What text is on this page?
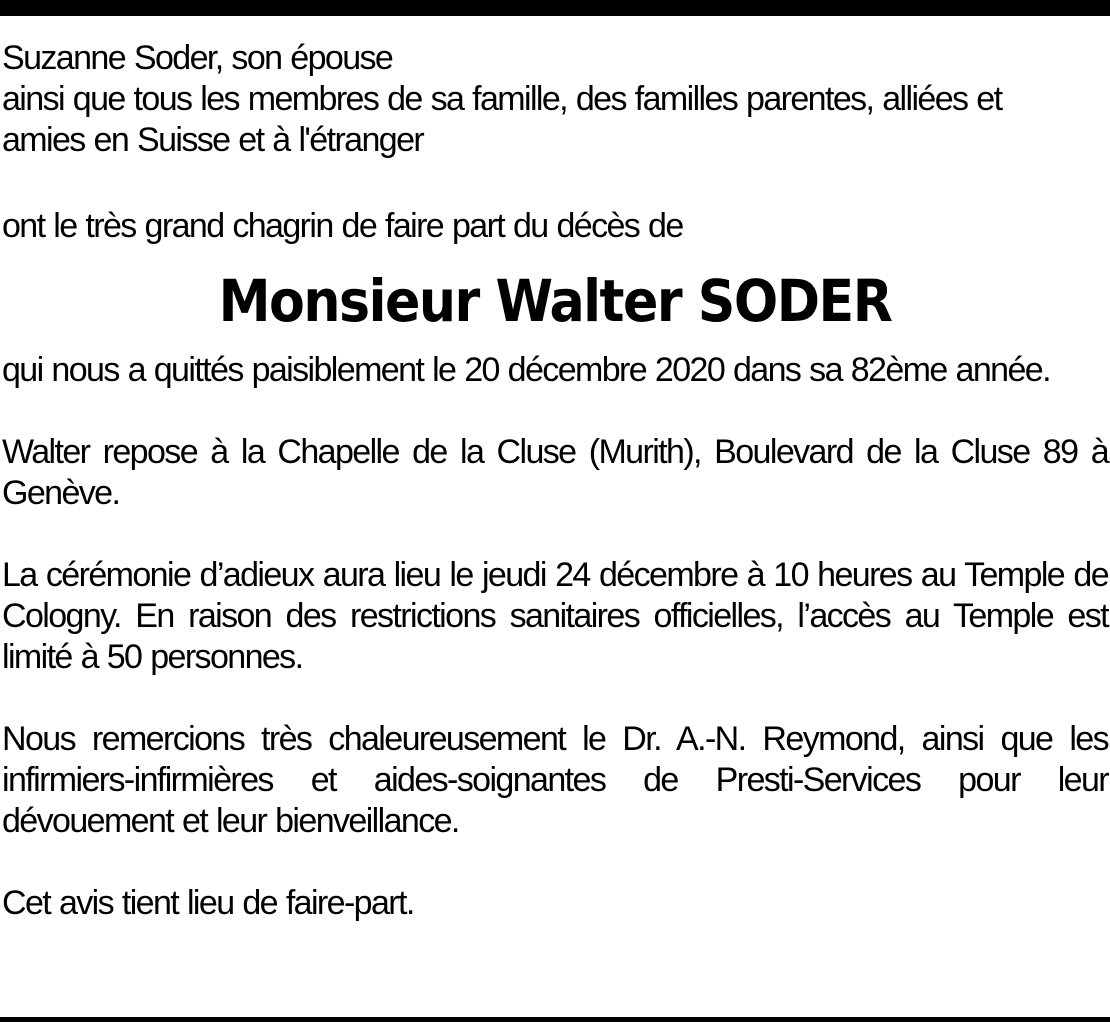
Suzanne Soder, son épouse
ainsi que tous les membres de sa famille, des familles parentes, alliées et
amies en Suisse et à l'étranger

ont le très grand chagrin de faire part du décès de

Monsieur Walter SODER

qui nous a quittés paisiblement le 20 décembre 2020 dans sa 82ème année.

Walter repose à la Chapelle de la Cluse (Murith), Boulevard de la Cluse 89 à Genève.

La cérémonie d’adieux aura lieu le jeudi 24 décembre à 10 heures au Temple de Cologny. En raison des restrictions sanitaires officielles, l’accès au Temple est limité à 50 personnes.

Nous remercions très chaleureusement le Dr. A.-N. Reymond, ainsi que les infirmiers-infirmières et aides-soignantes de Presti-Services pour leur dévouement et leur bienveillance.

Cet avis tient lieu de faire-part.
